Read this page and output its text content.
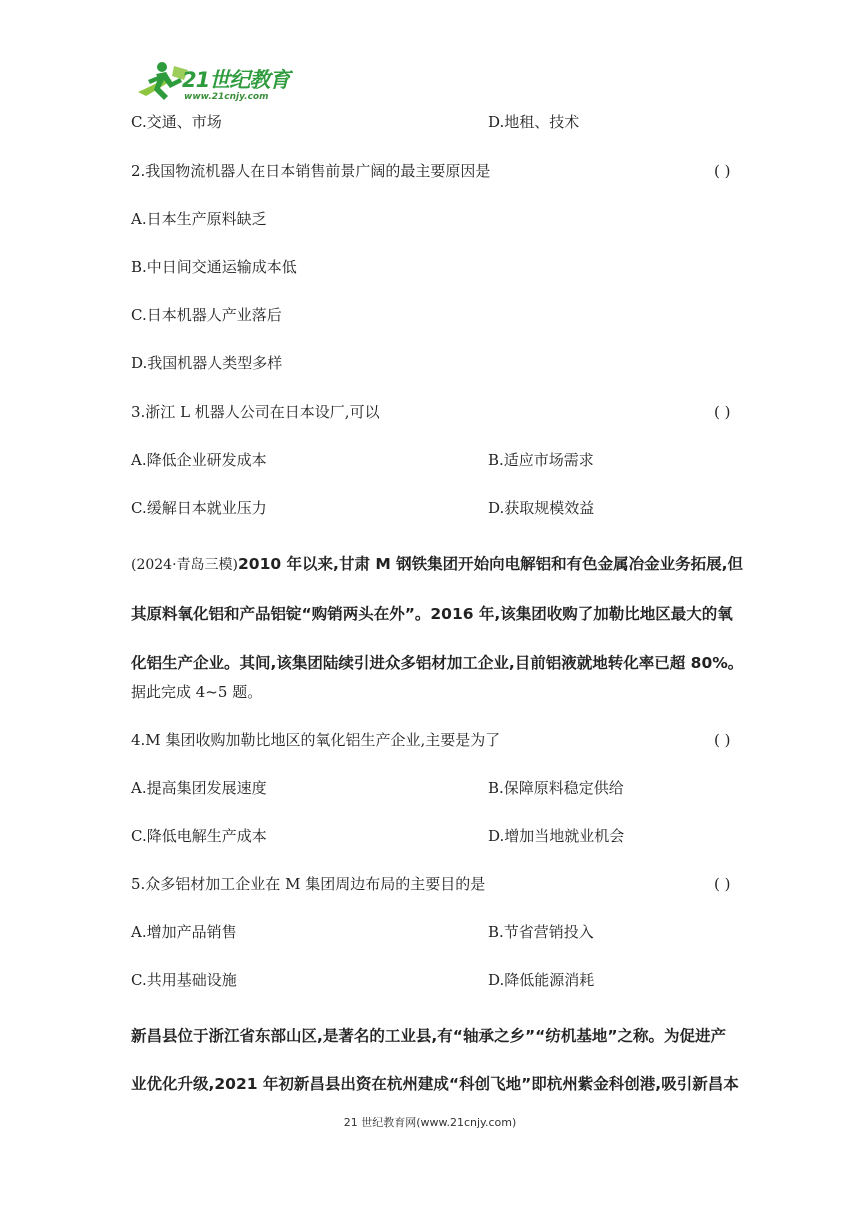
21世纪教育
www.21cnjy.com
C.交通、市场	D.地租、技术
2.我国物流机器人在日本销售前景广阔的最主要原因是	( )
A.日本生产原料缺乏
B.中日间交通运输成本低
C.日本机器人产业落后
D.我国机器人类型多样
3.浙江 L 机器人公司在日本设厂,可以	( )
A.降低企业研发成本	B.适应市场需求
C.缓解日本就业压力	D.获取规模效益
(2024·青岛三模)2010 年以来,甘肃 M 钢铁集团开始向电解铝和有色金属冶金业务拓展,但
其原料氧化铝和产品铝锭“购销两头在外”。2016 年,该集团收购了加勒比地区最大的氧
化铝生产企业。其间,该集团陆续引进众多铝材加工企业,目前铝液就地转化率已超 80%。
据此完成 4~5 题。
4.M 集团收购加勒比地区的氧化铝生产企业,主要是为了	( )
A.提高集团发展速度	B.保障原料稳定供给
C.降低电解生产成本	D.增加当地就业机会
5.众多铝材加工企业在 M 集团周边布局的主要目的是	( )
A.增加产品销售	B.节省营销投入
C.共用基础设施	D.降低能源消耗
新昌县位于浙江省东部山区,是著名的工业县,有“轴承之乡”“纺机基地”之称。为促进产
业优化升级,2021 年初新昌县出资在杭州建成“科创飞地”即杭州紫金科创港,吸引新昌本
21 世纪教育网(www.21cnjy.com)
